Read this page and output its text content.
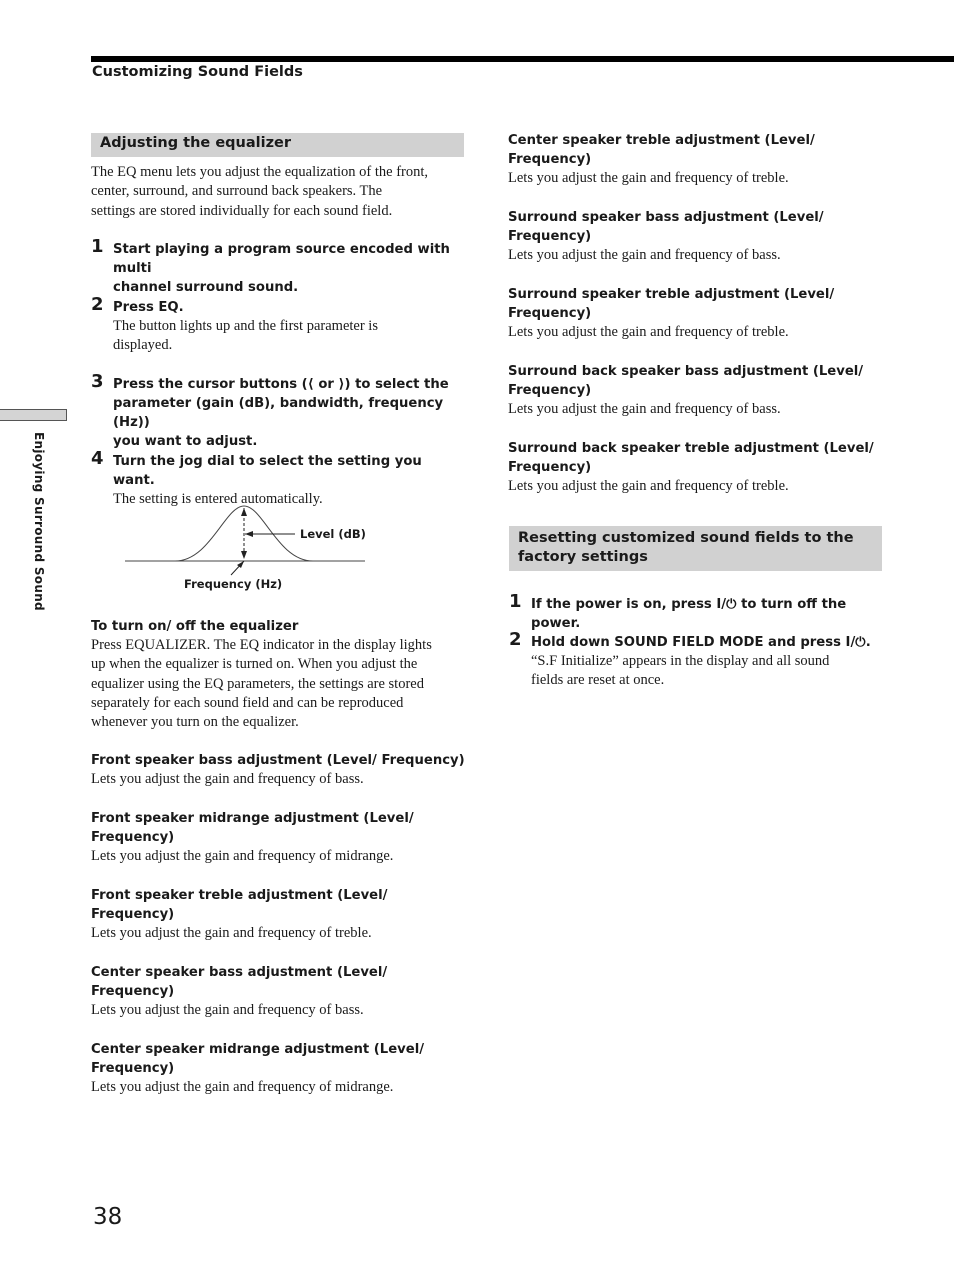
Customizing Sound Fields
Enjoying Surround Sound
Adjusting the equalizer
The EQ menu lets you adjust the equalization of the front,
center, surround, and surround back speakers. The
settings are stored individually for each sound field.
1 Start playing a program source encoded with multi
channel surround sound.
2 Press EQ.
The button lights up and the first parameter is
displayed.
3 Press the cursor buttons (⟨ or ⟩) to select the
parameter (gain (dB), bandwidth, frequency (Hz))
you want to adjust.
4 Turn the jog dial to select the setting you want.
The setting is entered automatically.
Level (dB)
Frequency (Hz)
To turn on/ off the equalizer
Press EQUALIZER. The EQ indicator in the display lights
up when the equalizer is turned on. When you adjust the
equalizer using the EQ parameters, the settings are stored
separately for each sound field and can be reproduced
whenever you turn on the equalizer.
Front speaker bass adjustment (Level/ Frequency)
Lets you adjust the gain and frequency of bass.
Front speaker midrange adjustment (Level/
Frequency)
Lets you adjust the gain and frequency of midrange.
Front speaker treble adjustment (Level/
Frequency)
Lets you adjust the gain and frequency of treble.
Center speaker bass adjustment (Level/
Frequency)
Lets you adjust the gain and frequency of bass.
Center speaker midrange adjustment (Level/
Frequency)
Lets you adjust the gain and frequency of midrange.
Center speaker treble adjustment (Level/
Frequency)
Lets you adjust the gain and frequency of treble.
Surround speaker bass adjustment (Level/
Frequency)
Lets you adjust the gain and frequency of bass.
Surround speaker treble adjustment (Level/
Frequency)
Lets you adjust the gain and frequency of treble.
Surround back speaker bass adjustment (Level/
Frequency)
Lets you adjust the gain and frequency of bass.
Surround back speaker treble adjustment (Level/
Frequency)
Lets you adjust the gain and frequency of treble.
Resetting customized sound fields to the
factory settings
1 If the power is on, press I/⏻ to turn off the power.
2 Hold down SOUND FIELD MODE and press I/⏻.
“S.F Initialize” appears in the display and all sound
fields are reset at once.
38
